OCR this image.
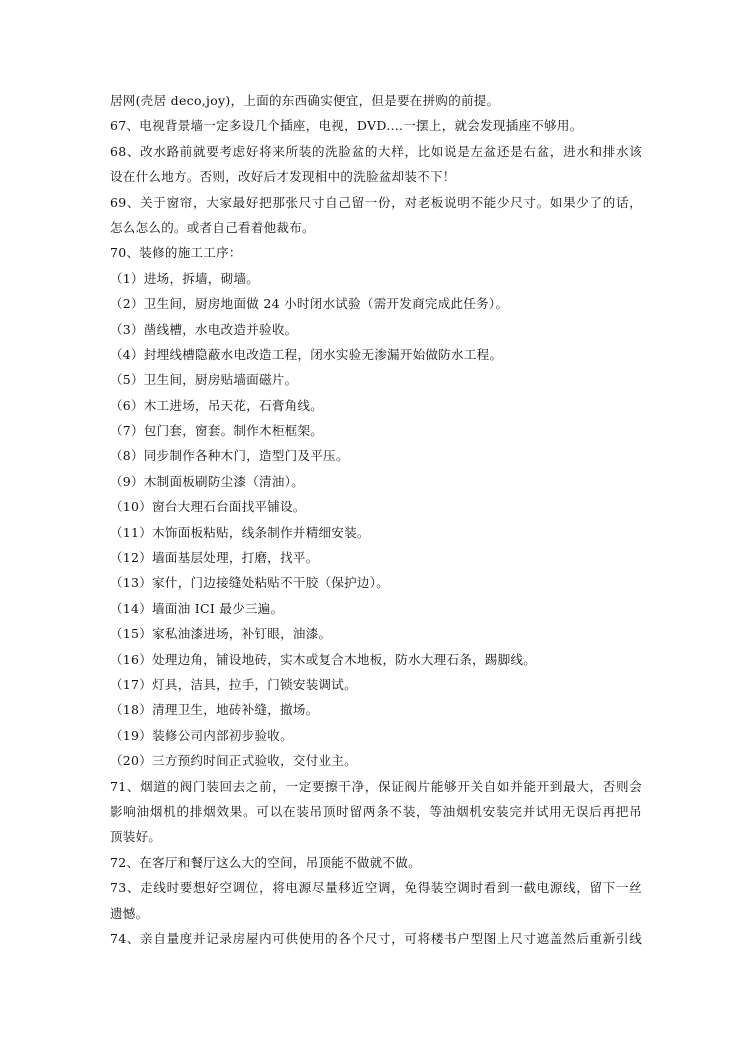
居网(壳居 deco,joy)，上面的东西确实便宜，但是要在拼购的前提。
67、电视背景墙一定多设几个插座，电视，DVD....一摆上，就会发现插座不够用。
68、改水路前就要考虑好将来所装的洗脸盆的大样，比如说是左盆还是右盆，进水和排水该
设在什么地方。否则，改好后才发现相中的洗脸盆却装不下！
69、关于窗帘，大家最好把那张尺寸自己留一份，对老板说明不能少尺寸。如果少了的话，
怎么怎么的。或者自己看着他裁布。
70、装修的施工工序：
（1）进场，拆墙，砌墙。
（2）卫生间，厨房地面做 24 小时闭水试验（需开发商完成此任务）。
（3）凿线槽，水电改造并验收。
（4）封埋线槽隐蔽水电改造工程，闭水实验无渗漏开始做防水工程。
（5）卫生间，厨房贴墙面磁片。
（6）木工进场，吊天花，石膏角线。
（7）包门套，窗套。制作木柜框架。
（8）同步制作各种木门，造型门及平压。
（9）木制面板刷防尘漆（清油）。
（10）窗台大理石台面找平铺设。
（11）木饰面板粘贴，线条制作并精细安装。
（12）墙面基层处理，打磨，找平。
（13）家什，门边接缝处粘贴不干胶（保护边）。
（14）墙面油 ICI 最少三遍。
（15）家私油漆进场，补钉眼，油漆。
（16）处理边角，铺设地砖，实木或复合木地板，防水大理石条，踢脚线。
（17）灯具，洁具，拉手，门锁安装调试。
（18）清理卫生，地砖补缝，撤场。
（19）装修公司内部初步验收。
（20）三方预约时间正式验收，交付业主。
71、烟道的阀门装回去之前，一定要擦干净，保证阀片能够开关自如并能开到最大，否则会
影响油烟机的排烟效果。可以在装吊顶时留两条不装，等油烟机安装完并试用无误后再把吊
顶装好。
72、在客厅和餐厅这么大的空间，吊顶能不做就不做。
73、走线时要想好空调位，将电源尽量移近空调，免得装空调时看到一截电源线，留下一丝
遗憾。
74、亲自量度并记录房屋内可供使用的各个尺寸，可将楼书户型图上尺寸遮盖然后重新引线
